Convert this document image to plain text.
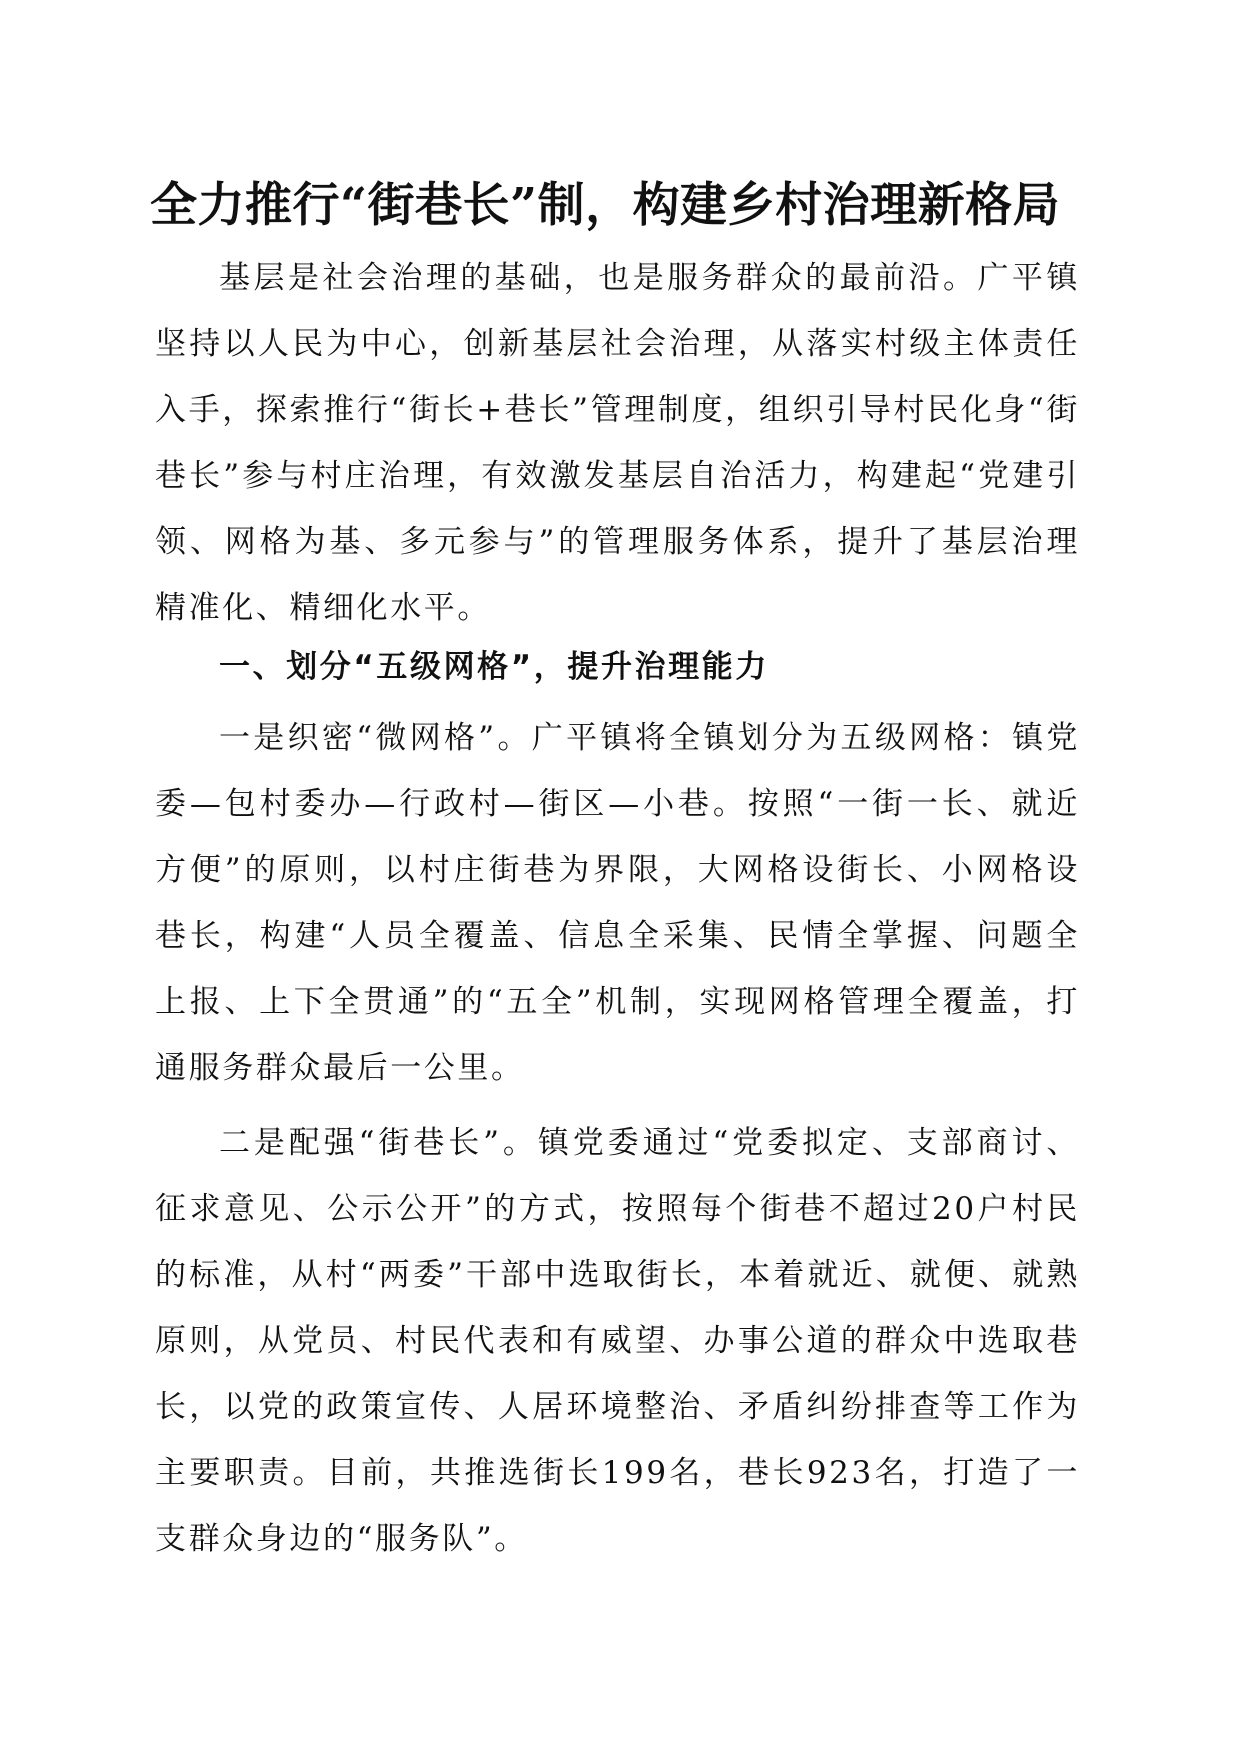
全力推行“街巷长”制，构建乡村治理新格局

基层是社会治理的基础，也是服务群众的最前沿。广平镇坚持以人民为中心，创新基层社会治理，从落实村级主体责任入手，探索推行“街长+巷长”管理制度，组织引导村民化身“街巷长”参与村庄治理，有效激发基层自治活力，构建起“党建引领、网格为基、多元参与”的管理服务体系，提升了基层治理精准化、精细化水平。

一、划分“五级网格”，提升治理能力

一是织密“微网格”。广平镇将全镇划分为五级网格：镇党委—包村委办—行政村—街区—小巷。按照“一街一长、就近方便”的原则，以村庄街巷为界限，大网格设街长、小网格设巷长，构建“人员全覆盖、信息全采集、民情全掌握、问题全上报、上下全贯通”的“五全”机制，实现网格管理全覆盖，打通服务群众最后一公里。

二是配强“街巷长”。镇党委通过“党委拟定、支部商讨、征求意见、公示公开”的方式，按照每个街巷不超过20户村民的标准，从村“两委”干部中选取街长，本着就近、就便、就熟原则，从党员、村民代表和有威望、办事公道的群众中选取巷长，以党的政策宣传、人居环境整治、矛盾纠纷排查等工作为主要职责。目前，共推选街长199名，巷长923名，打造了一支群众身边的“服务队”。
